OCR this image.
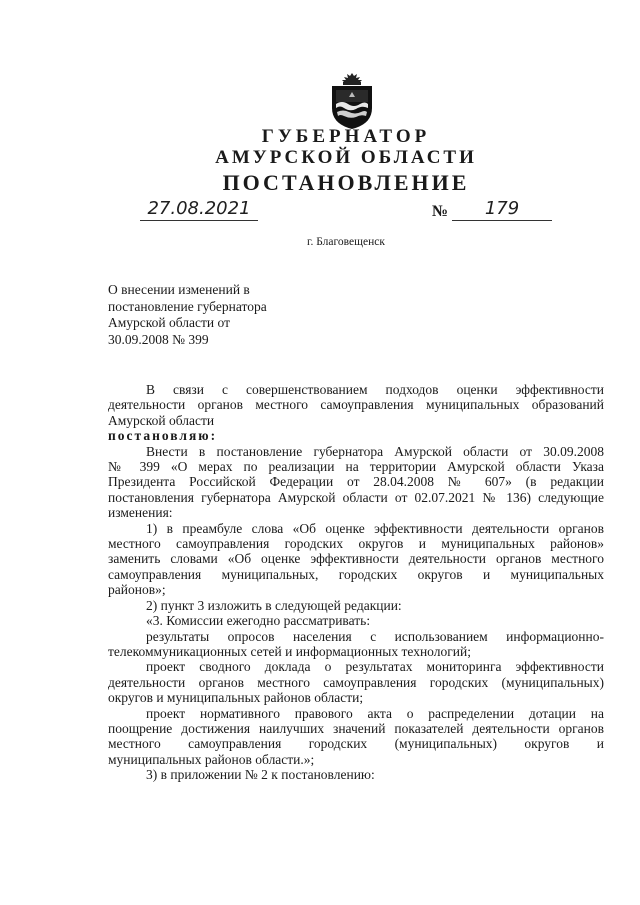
ГУБЕРНАТОР
АМУРСКОЙ ОБЛАСТИ
ПОСТАНОВЛЕНИЕ
27.08.2021	№	179
г. Благовещенск
О внесении изменений в
постановление губернатора
Амурской области от
30.09.2008 № 399

В связи с совершенствованием подходов оценки эффективности

деятельности органов местного самоуправления муниципальных образований

Амурской области

постановляю:

Внести в постановление губернатора Амурской области от 30.09.2008

№ 399 «О мерах по реализации на территории Амурской области Указа

Президента Российской Федерации от 28.04.2008 № 607» (в редакции

постановления губернатора Амурской области от 02.07.2021 № 136) следующие

изменения:

1) в преамбуле слова «Об оценке эффективности деятельности органов

местного самоуправления городских округов и муниципальных районов»

заменить словами «Об оценке эффективности деятельности органов местного

самоуправления муниципальных, городских округов и муниципальных

районов»;

2) пункт 3 изложить в следующей редакции:

«3. Комиссии ежегодно рассматривать:

результаты опросов населения с использованием информационно-

телекоммуникационных сетей и информационных технологий;

проект сводного доклада о результатах мониторинга эффективности

деятельности органов местного самоуправления городских (муниципальных)

округов и муниципальных районов области;

проект нормативного правового акта о распределении дотации на

поощрение достижения наилучших значений показателей деятельности органов

местного самоуправления городских (муниципальных) округов и

муниципальных районов области.»;

3) в приложении № 2 к постановлению:
